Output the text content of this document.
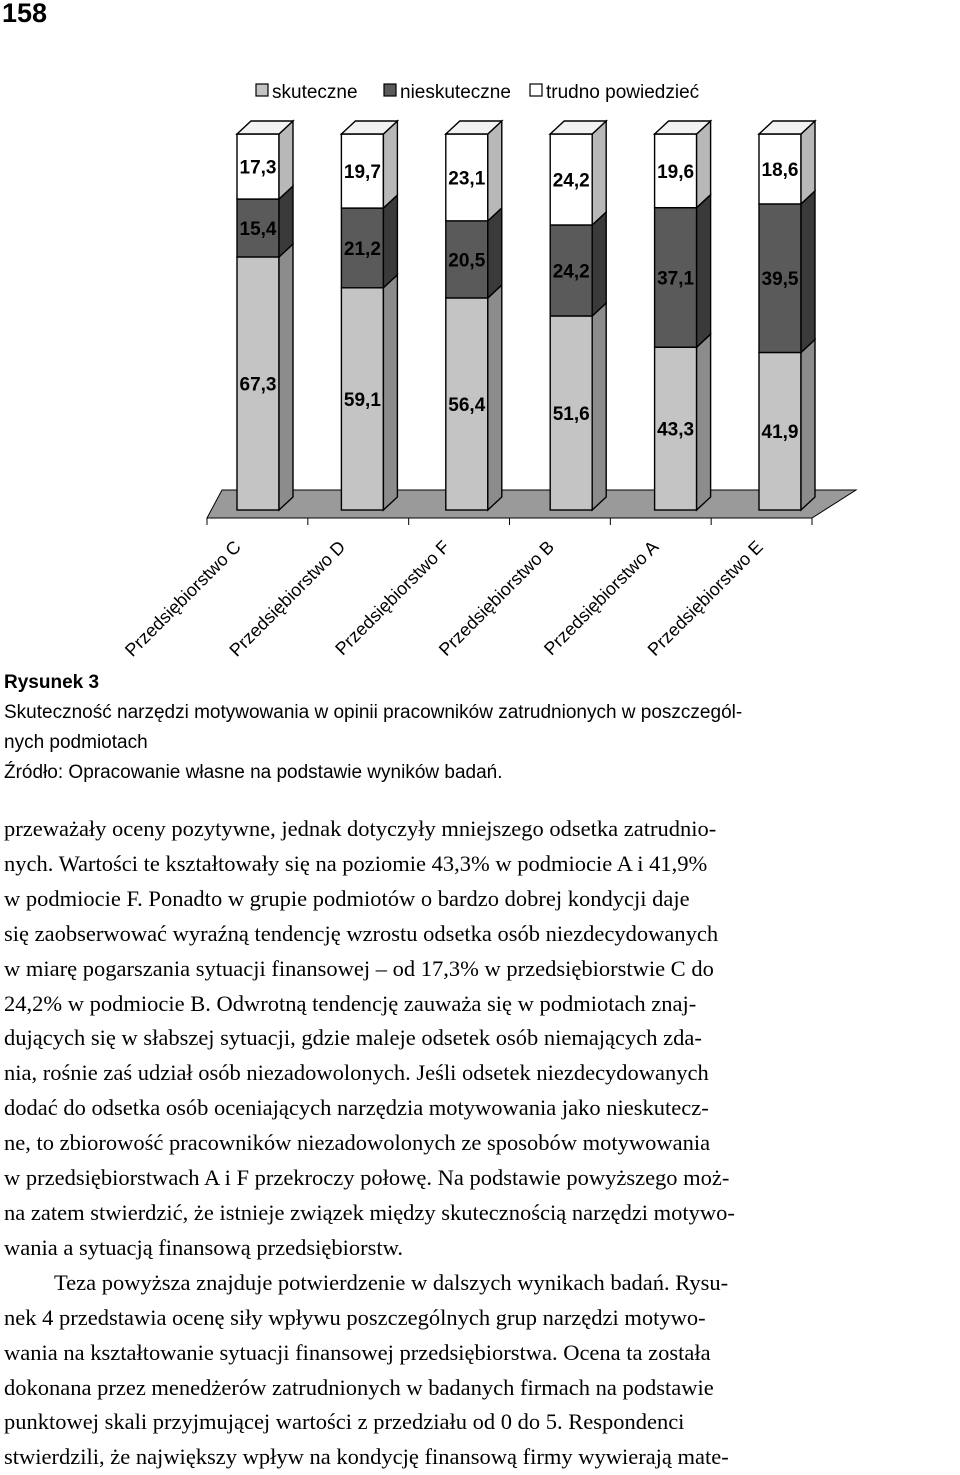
158
skuteczne nieskuteczne trudno powiedzieć
67,3
15,4
17,3
59,1
21,2
19,7
56,4
20,5
23,1
51,6
24,2
24,2
43,3
37,1
19,6
41,9
39,5
18,6
Przedsiębiorstwo C
Przedsiębiorstwo D
Przedsiębiorstwo F
Przedsiębiorstwo B
Przedsiębiorstwo A
Przedsiębiorstwo E
Rysunek 3
Skuteczność narzędzi motywowania w opinii pracowników zatrudnionych w poszczegól-
nych podmiotach
Źródło: Opracowanie własne na podstawie wyników badań.

przeważały oceny pozytywne, jednak dotyczyły mniejszego odsetka zatrudnio-
nych. Wartości te kształtowały się na poziomie 43,3% w podmiocie A i 41,9%
w podmiocie F. Ponadto w grupie podmiotów o bardzo dobrej kondycji daje
się zaobserwować wyraźną tendencję wzrostu odsetka osób niezdecydowanych
w miarę pogarszania sytuacji finansowej – od 17,3% w przedsiębiorstwie C do
24,2% w podmiocie B. Odwrotną tendencję zauważa się w podmiotach znaj-
dujących się w słabszej sytuacji, gdzie maleje odsetek osób niemających zda-
nia, rośnie zaś udział osób niezadowolonych. Jeśli odsetek niezdecydowanych
dodać do odsetka osób oceniających narzędzia motywowania jako nieskutecz-
ne, to zbiorowość pracowników niezadowolonych ze sposobów motywowania
w przedsiębiorstwach A i F przekroczy połowę. Na podstawie powyższego moż-
na zatem stwierdzić, że istnieje związek między skutecznością narzędzi motywo-
wania a sytuacją finansową przedsiębiorstw.

Teza powyższa znajduje potwierdzenie w dalszych wynikach badań. Rysu-
nek 4 przedstawia ocenę siły wpływu poszczególnych grup narzędzi motywo-
wania na kształtowanie sytuacji finansowej przedsiębiorstwa. Ocena ta została
dokonana przez menedżerów zatrudnionych w badanych firmach na podstawie
punktowej skali przyjmującej wartości z przedziału od 0 do 5. Respondenci
stwierdzili, że największy wpływ na kondycję finansową firmy wywierają mate-
